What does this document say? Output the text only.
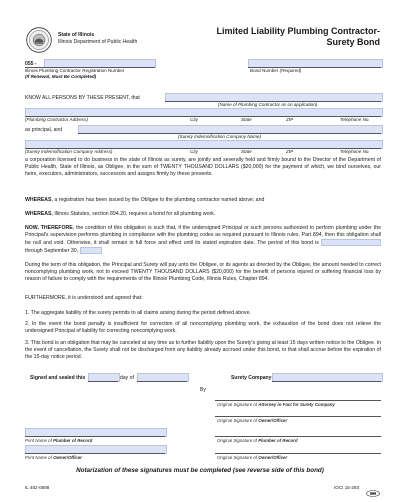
State of Illinois
Illinois Department of Public Health
Limited Liability Plumbing Contractor-
Surety Bond
055 -
Illinois Plumbing Contractor Registration Number
(If Renewal, Must Be Completed)
Bond Number (Required)
KNOW ALL PERSONS BY THESE PRESENT, that
(Name of Plumbing Contractor as on application)
(Plumbing Contractor Address)	City	State	ZIP	Telephone No.
as principal, and
(Surety Indemnification Company Name)
(Surety Indemnification Company Address)	City	State	ZIP	Telephone No.
a corporation licensed to do business in the state of Illinois as surety, are jointly and severally held and firmly bound to the Director of the Department of Public Health, State of Illinois, as Obligee, in the sum of TWENTY THOUSAND DOLLARS ($20,000) for the payment of which, we bind ourselves, our heirs, executors, administrators, successors and assigns firmly by these presents.
WHEREAS, a registration has been issued by the Obligee to the plumbing contractor named above; and
WHEREAS, Illinois Statutes, section 894.20, requires a bond for all plumbing work.
NOW, THEREFORE, the condition of this obligation is such that, if the undersigned Principal or such persons authorized to perform plumbing under the Principal's supervision performs plumbing in compliance with the plumbing codes as required pursuant to Illinois rules, Part 894, then this obligation shall be null and void. Otherwise, it shall remain in full force and effect until its stated expiration date. The period of this bond is  through September 30,
During the term of this obligation, the Principal and Surety will pay unto the Obligee, or its agents as directed by the Obligee, the amount needed to correct noncomplying plumbing work, not to exceed TWENTY THOUSAND DOLLARS ($20,000) for the benefit of persons injured or suffering financial loss by reason of failure to comply with the requirements of the Illinois Plumbing Code, Illinois Rules, Chapter 894.
FURTHERMORE, it is understood and agreed that:
1. The aggregate liability of the surety permits to all claims arising during the period defined above.
2. In the event the bond penalty is insufficient for correction of all noncomplying plumbing work, the exhaustion of the bond does not relieve the undersigned Principal of liability for correcting noncomplying work.
3. This bond is an obligation that may be canceled at any time as to further liability upon the Surety's giving at least 15 days written notice to the Obligee. In the event of cancellation, the Surety shall not be discharged from any liability already accrued under this bond, or that shall accrue before the expiration of the 15-day notice period.
Signed and sealed this	day of	Surety Company
By
Original Signature of Attorney in Fact for Surety Company
Original Signature of Owner/Officer
Print Name of Plumber of Record	Original Signature of Plumber of Record
Print Name of Owner/Officer	Original Signature of Owner/Officer
Notarization of these signatures must be completed (see reverse side of this bond)
IL 482-0688	IOCI 15-293
